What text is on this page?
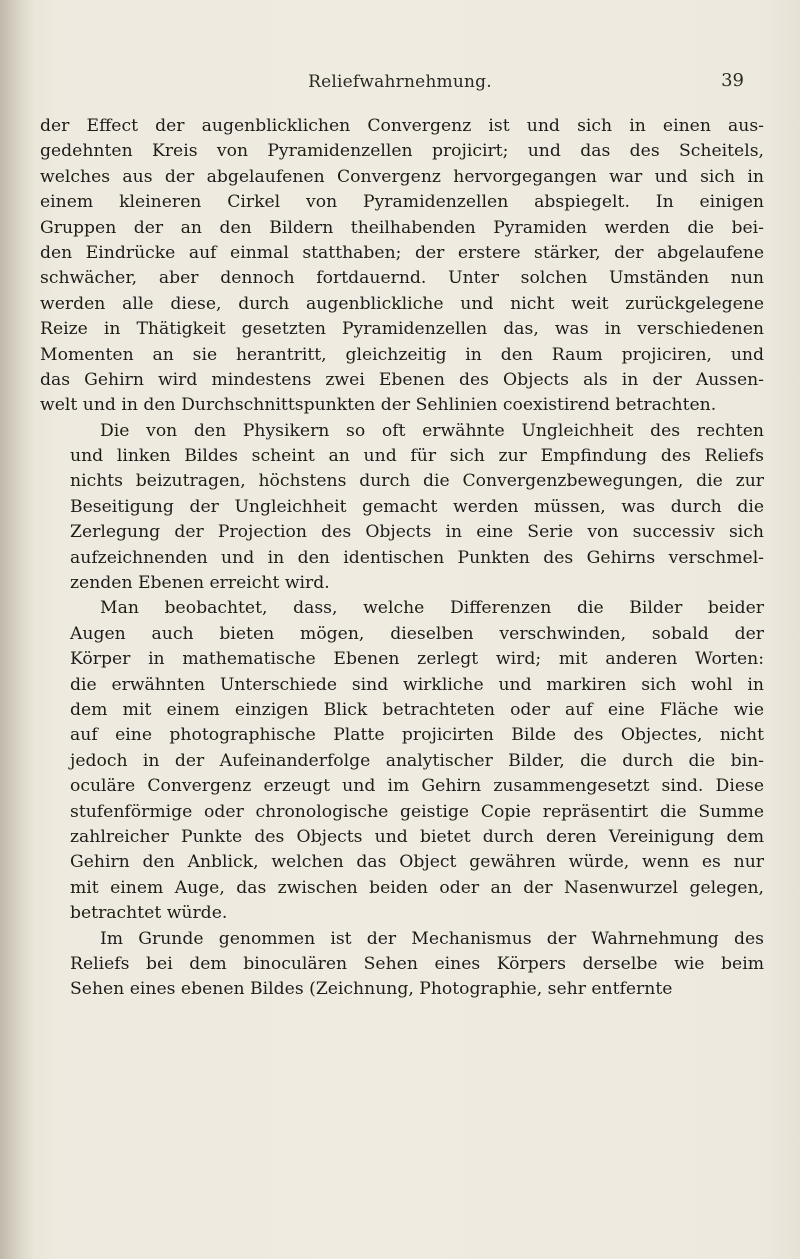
Reliefwahrnehmung.	39
der Effect der augenblicklichen Convergenz ist und sich in einen aus-
gedehnten Kreis von Pyramidenzellen projicirt; und das des Scheitels,
welches aus der abgelaufenen Convergenz hervorgegangen war und sich in
einem kleineren Cirkel von Pyramidenzellen abspiegelt. In einigen
Gruppen der an den Bildern theilhabenden Pyramiden werden die bei-
den Eindrücke auf einmal statthaben; der erstere stärker, der abgelaufene
schwächer, aber dennoch fortdauernd. Unter solchen Umständen nun
werden alle diese, durch augenblickliche und nicht weit zurückgelegene
Reize in Thätigkeit gesetzten Pyramidenzellen das, was in verschiedenen
Momenten an sie herantritt, gleichzeitig in den Raum projiciren, und
das Gehirn wird mindestens zwei Ebenen des Objects als in der Aussen-
welt und in den Durchschnittspunkten der Sehlinien coexistirend betrachten.
Die von den Physikern so oft erwähnte Ungleichheit des rechten
und linken Bildes scheint an und für sich zur Empfindung des Reliefs
nichts beizutragen, höchstens durch die Convergenzbewegungen, die zur
Beseitigung der Ungleichheit gemacht werden müssen, was durch die
Zerlegung der Projection des Objects in eine Serie von successiv sich
aufzeichnenden und in den identischen Punkten des Gehirns verschmel-
zenden Ebenen erreicht wird.
Man beobachtet, dass, welche Differenzen die Bilder beider
Augen auch bieten mögen, dieselben verschwinden, sobald der
Körper in mathematische Ebenen zerlegt wird; mit anderen Worten:
die erwähnten Unterschiede sind wirkliche und markiren sich wohl in
dem mit einem einzigen Blick betrachteten oder auf eine Fläche wie
auf eine photographische Platte projicirten Bilde des Objectes, nicht
jedoch in der Aufeinanderfolge analytischer Bilder, die durch die bin-
oculäre Convergenz erzeugt und im Gehirn zusammengesetzt sind. Diese
stufenförmige oder chronologische geistige Copie repräsentirt die Summe
zahlreicher Punkte des Objects und bietet durch deren Vereinigung dem
Gehirn den Anblick, welchen das Object gewähren würde, wenn es nur
mit einem Auge, das zwischen beiden oder an der Nasenwurzel gelegen,
betrachtet würde.
Im Grunde genommen ist der Mechanismus der Wahrnehmung des
Reliefs bei dem binoculären Sehen eines Körpers derselbe wie beim
Sehen eines ebenen Bildes (Zeichnung, Photographie, sehr entfernte
